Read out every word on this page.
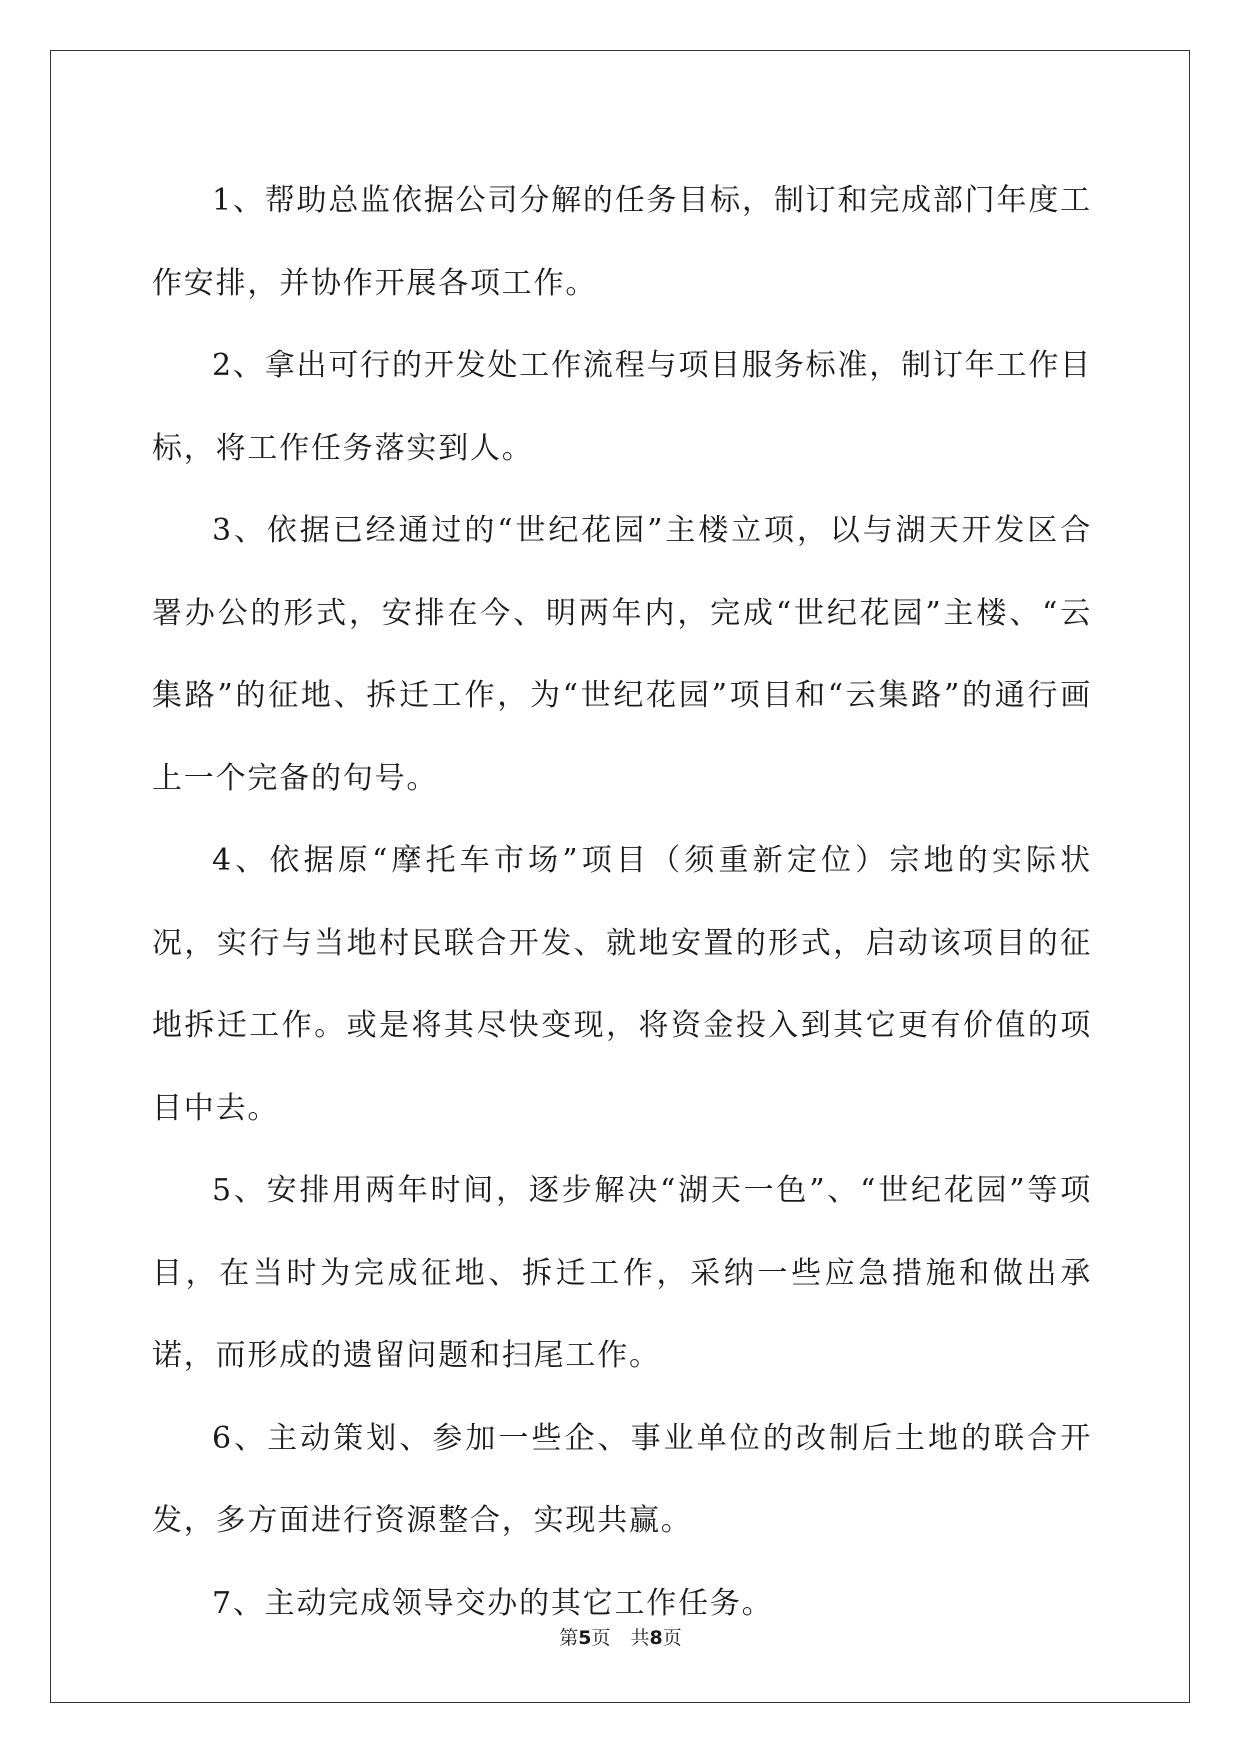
1、帮助总监依据公司分解的任务目标，制订和完成部门年度工作安排，并协作开展各项工作。

2、拿出可行的开发处工作流程与项目服务标准，制订年工作目标，将工作任务落实到人。

3、依据已经通过的“世纪花园”主楼立项，以与湖天开发区合署办公的形式，安排在今、明两年内，完成“世纪花园”主楼、“云集路”的征地、拆迁工作，为“世纪花园”项目和“云集路”的通行画上一个完备的句号。

4、依据原“摩托车市场”项目（须重新定位）宗地的实际状况，实行与当地村民联合开发、就地安置的形式，启动该项目的征地拆迁工作。或是将其尽快变现，将资金投入到其它更有价值的项目中去。

5、安排用两年时间，逐步解决“湖天一色”、“世纪花园”等项目，在当时为完成征地、拆迁工作，采纳一些应急措施和做出承诺，而形成的遗留问题和扫尾工作。

6、主动策划、参加一些企、事业单位的改制后土地的联合开发，多方面进行资源整合，实现共赢。

7、主动完成领导交办的其它工作任务。

第5页 共8页
